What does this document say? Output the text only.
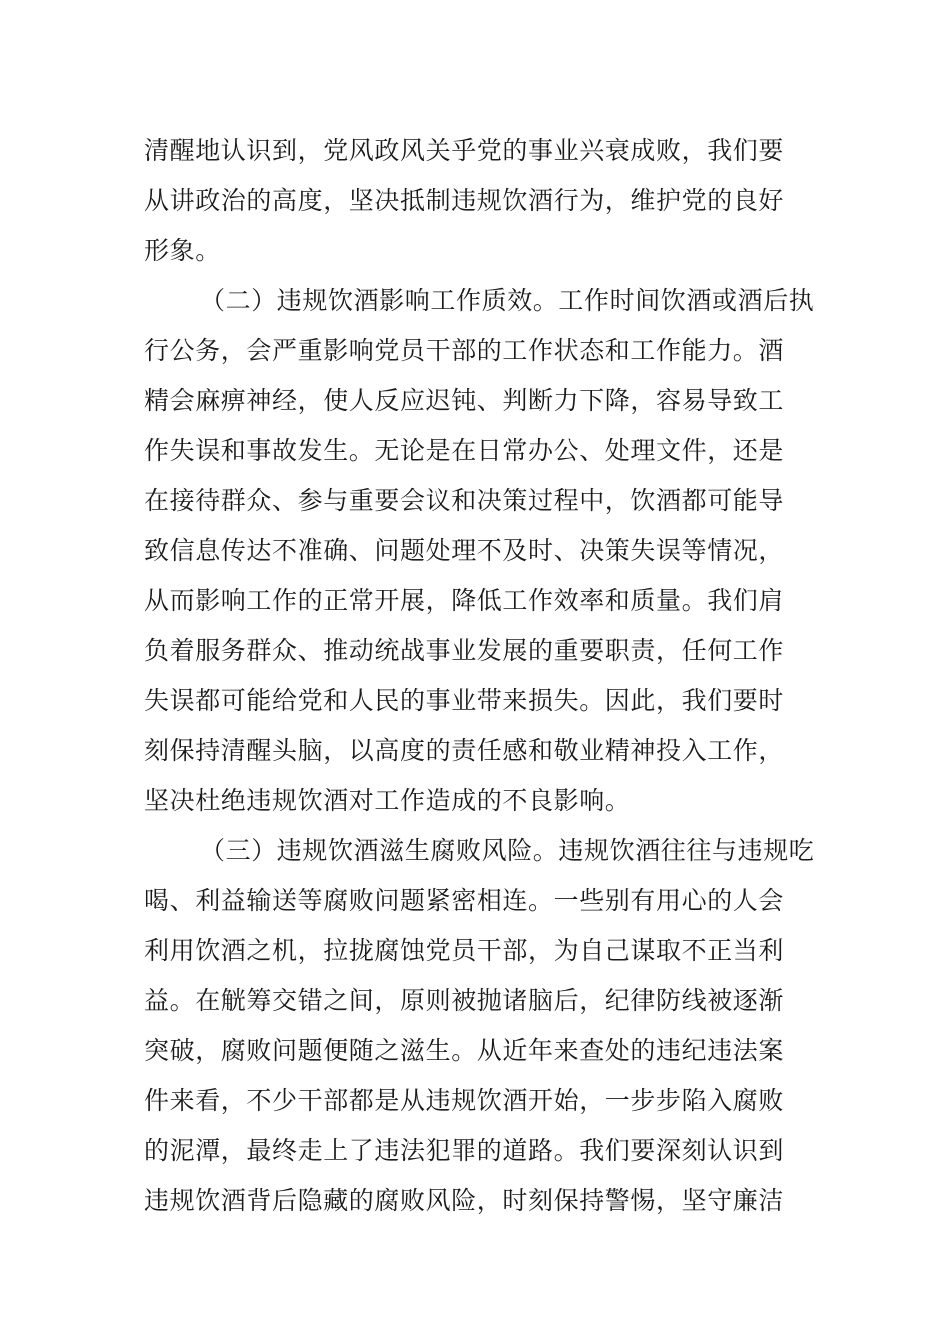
清醒地认识到，党风政风关乎党的事业兴衰成败，我们要
从讲政治的高度，坚决抵制违规饮酒行为，维护党的良好
形象。
（二）违规饮酒影响工作质效。工作时间饮酒或酒后执
行公务，会严重影响党员干部的工作状态和工作能力。酒
精会麻痹神经，使人反应迟钝、判断力下降，容易导致工
作失误和事故发生。无论是在日常办公、处理文件，还是
在接待群众、参与重要会议和决策过程中，饮酒都可能导
致信息传达不准确、问题处理不及时、决策失误等情况，
从而影响工作的正常开展，降低工作效率和质量。我们肩
负着服务群众、推动统战事业发展的重要职责，任何工作
失误都可能给党和人民的事业带来损失。因此，我们要时
刻保持清醒头脑，以高度的责任感和敬业精神投入工作，
坚决杜绝违规饮酒对工作造成的不良影响。
（三）违规饮酒滋生腐败风险。违规饮酒往往与违规吃
喝、利益输送等腐败问题紧密相连。一些别有用心的人会
利用饮酒之机，拉拢腐蚀党员干部，为自己谋取不正当利
益。在觥筹交错之间，原则被抛诸脑后，纪律防线被逐渐
突破，腐败问题便随之滋生。从近年来查处的违纪违法案
件来看，不少干部都是从违规饮酒开始，一步步陷入腐败
的泥潭，最终走上了违法犯罪的道路。我们要深刻认识到
违规饮酒背后隐藏的腐败风险，时刻保持警惕，坚守廉洁
